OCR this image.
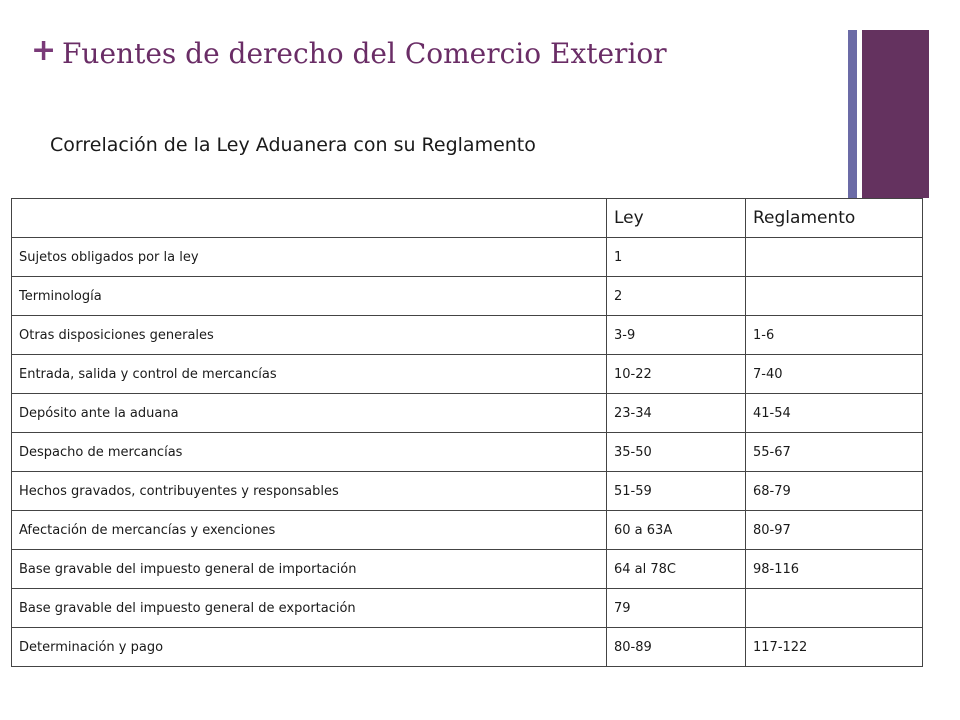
+ Fuentes de derecho del Comercio Exterior

Correlación de la Ley Aduanera con su Reglamento

	Ley	Reglamento
Sujetos obligados por la ley	1	
Terminología	2	
Otras disposiciones generales	3-9	1-6
Entrada, salida y control de mercancías	10-22	7-40
Depósito ante la aduana	23-34	41-54
Despacho de mercancías	35-50	55-67
Hechos gravados, contribuyentes y responsables	51-59	68-79
Afectación de mercancías y exenciones	60 a 63A	80-97
Base gravable del impuesto general de importación	64 al 78C	98-116
Base gravable del impuesto general de exportación	79	
Determinación y pago	80-89	117-122
